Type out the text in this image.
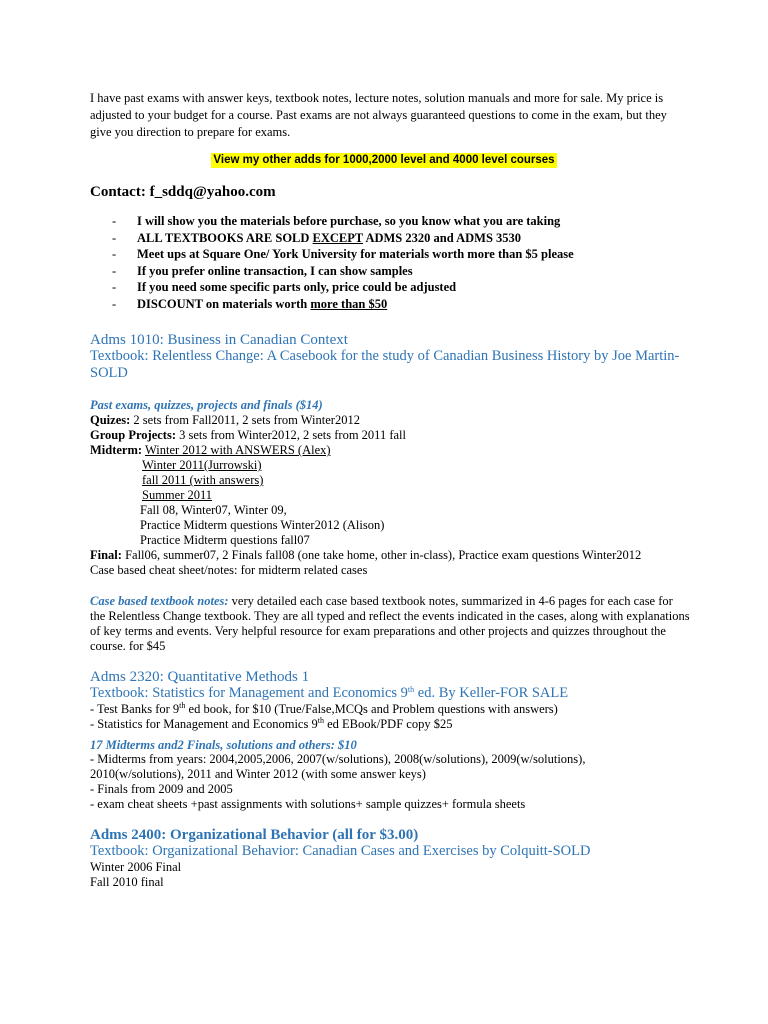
I have past exams with answer keys, textbook notes, lecture notes, solution manuals and more for sale. My price is adjusted to your budget for a course. Past exams are not always guaranteed questions to come in the exam, but they give you direction to prepare for exams.
View my other adds for 1000,2000 level and 4000 level courses
Contact: f_sddq@yahoo.com
- I will show you the materials before purchase, so you know what you are taking
- ALL TEXTBOOKS ARE SOLD EXCEPT ADMS 2320 and ADMS 3530
- Meet ups at Square One/ York University for materials worth more than $5 please
- If you prefer online transaction, I can show samples
- If you need some specific parts only, price could be adjusted
- DISCOUNT on materials worth more than $50
Adms 1010: Business in Canadian Context
Textbook: Relentless Change: A Casebook for the study of Canadian Business History by Joe Martin-SOLD
Past exams, quizzes, projects and finals ($14)
Quizes: 2 sets from Fall2011, 2 sets from Winter2012
Group Projects: 3 sets from Winter2012, 2 sets from 2011 fall
Midterm: Winter 2012 with ANSWERS (Alex)
Winter 2011(Jurrowski)
fall 2011 (with answers)
Summer 2011
Fall 08, Winter07, Winter 09,
Practice Midterm questions Winter2012 (Alison)
Practice Midterm questions fall07
Final: Fall06, summer07, 2 Finals fall08 (one take home, other in-class), Practice exam questions Winter2012
Case based cheat sheet/notes: for midterm related cases
Case based textbook notes: very detailed each case based textbook notes, summarized in 4-6 pages for each case for the Relentless Change textbook. They are all typed and reflect the events indicated in the cases, along with explanations of key terms and events. Very helpful resource for exam preparations and other projects and quizzes throughout the course. for $45
Adms 2320: Quantitative Methods 1
Textbook: Statistics for Management and Economics 9th ed. By Keller-FOR SALE
- Test Banks for 9th ed book, for $10 (True/False,MCQs and Problem questions with answers)
- Statistics for Management and Economics 9th ed EBook/PDF copy $25
17 Midterms and2 Finals, solutions and others: $10
- Midterms from years: 2004,2005,2006, 2007(w/solutions), 2008(w/solutions), 2009(w/solutions),
2010(w/solutions), 2011 and Winter 2012 (with some answer keys)
- Finals from 2009 and 2005
- exam cheat sheets +past assignments with solutions+ sample quizzes+ formula sheets
Adms 2400: Organizational Behavior (all for $3.00)
Textbook: Organizational Behavior: Canadian Cases and Exercises by Colquitt-SOLD
Winter 2006 Final
Fall 2010 final
